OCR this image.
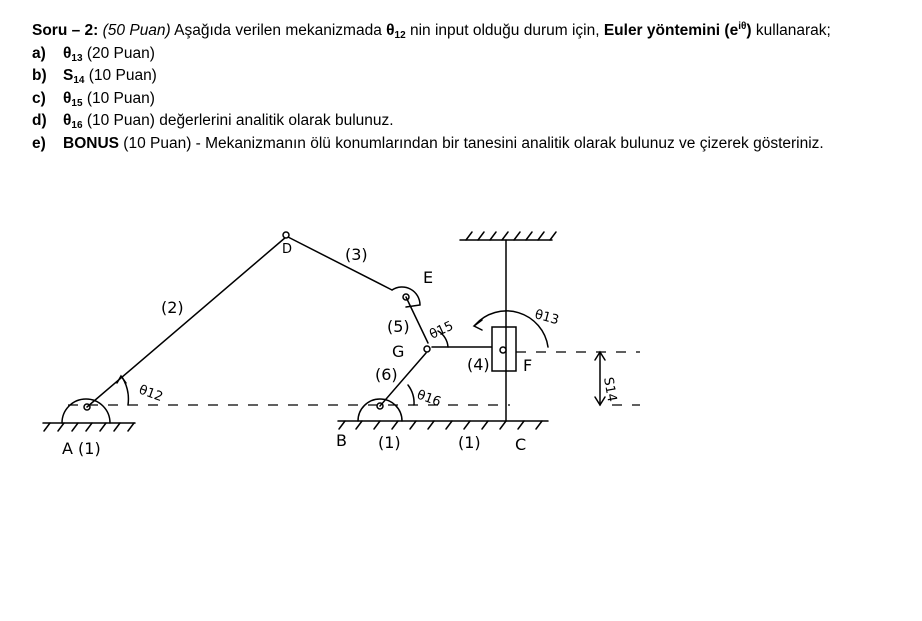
Soru – 2: (50 Puan) Aşağıda verilen mekanizmada $\theta_{12}$ nin input olduğu durum için, Euler yöntemini $(e^{i\theta})$ kullanarak;
a) $\theta_{13}$ (20 Puan)
b) $S_{14}$ (10 Puan)
c) $\theta_{15}$ (10 Puan)
d) $\theta_{16}$ (10 Puan) değerlerini analitik olarak bulunuz.
e) BONUS (10 Puan) - Mekanizmanın ölü konumlarından bir tanesini analitik olarak bulunuz ve çizerek gösteriniz.
(2)
(3)
(4)
(5)
(6)
D
E
F
G
θ12
θ13
θ15
θ16	S14
A (1)	B (1)	(1) C
